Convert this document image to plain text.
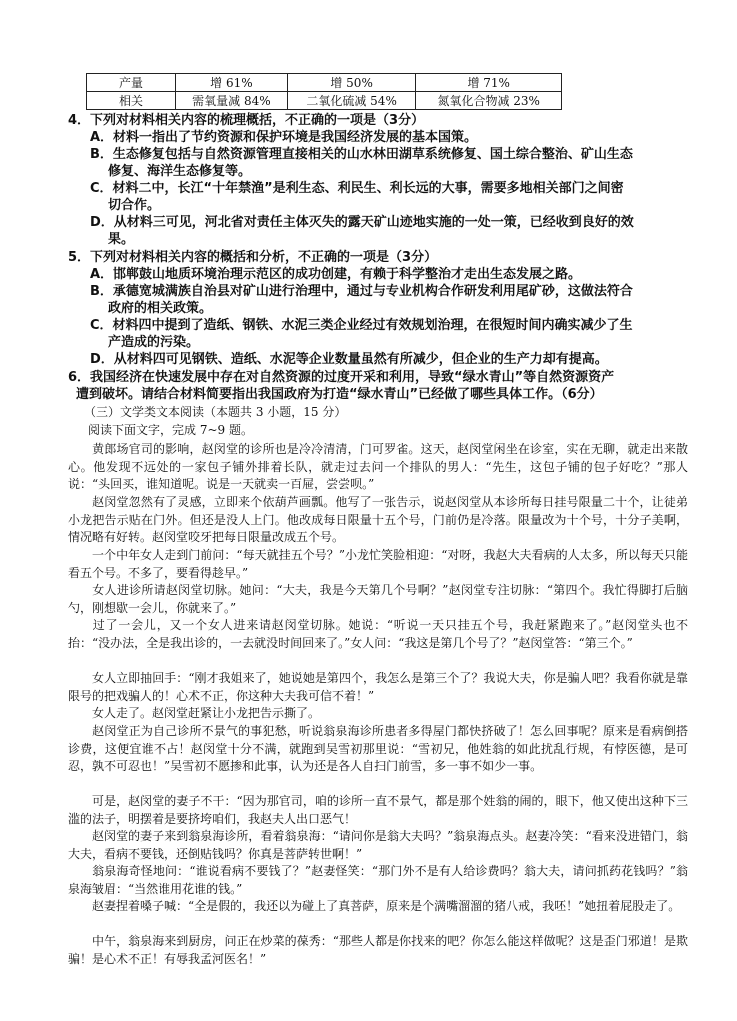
产量	增 61%	增 50%	增 71%
相关	需氧量减 84%	二氧化硫减 54%	氮氧化合物减 23%
4．下列对材料相关内容的梳理概括，不正确的一项是（3分）
A．材料一指出了节约资源和保护环境是我国经济发展的基本国策。
B．生态修复包括与自然资源管理直接相关的山水林田湖草系统修复、国土综合整治、矿山生态
修复、海洋生态修复等。
C．材料二中，长江“十年禁渔”是利生态、利民生、利长远的大事，需要多地相关部门之间密
切合作。
D．从材料三可见，河北省对责任主体灭失的露天矿山迹地实施的一处一策，已经收到良好的效
果。
5．下列对材料相关内容的概括和分析，不正确的一项是（3分）
A．邯郸鼓山地质环境治理示范区的成功创建，有赖于科学整治才走出生态发展之路。
B．承德宽城满族自治县对矿山进行治理中，通过与专业机构合作研发利用尾矿砂，这做法符合
政府的相关政策。
C．材料四中提到了造纸、钢铁、水泥三类企业经过有效规划治理，在很短时间内确实减少了生
产造成的污染。
D．从材料四可见钢铁、造纸、水泥等企业数量虽然有所减少，但企业的生产力却有提高。
6．我国经济在快速发展中存在对自然资源的过度开采和利用，导致“绿水青山”等自然资源资产
遭到破坏。请结合材料简要指出我国政府为打造“绿水青山”已经做了哪些具体工作。（6分）
（三）文学类文本阅读（本题共 3 小题，15 分）
阅读下面文字，完成 7~9 题。
黄郎场官司的影响，赵闵堂的诊所也是冷冷清清，门可罗雀。这天，赵闵堂闲坐在诊室，实在无聊，就走出来散心。他发现不远处的一家包子铺外排着长队，就走过去问一个排队的男人：“先生，这包子铺的包子好吃？”那人说：“头回买，谁知道呢。说是一天就卖一百屉，尝尝呗。”
赵闵堂忽然有了灵感，立即来个依葫芦画瓢。他写了一张告示，说赵闵堂从本诊所每日挂号限量二十个，让徒弟小龙把告示贴在门外。但还是没人上门。他改成每日限量十五个号，门前仍是冷落。限量改为十个号，十分子美啊，情况略有好转。赵闵堂咬牙把每日限量改成五个号。
一个中年女人走到门前问：“每天就挂五个号？”小龙忙笑脸相迎：“对呀，我赵大夫看病的人太多，所以每天只能看五个号。不多了，要看得趁早。”
女人进诊所请赵闵堂切脉。她问：“大夫，我是今天第几个号啊？”赵闵堂专注切脉：“第四个。我忙得脚打后脑勺，刚想歇一会儿，你就来了。”
过了一会儿，又一个女人进来请赵闵堂切脉。她说：“听说一天只挂五个号，我赶紧跑来了。”赵闵堂头也不抬：“没办法，全是我出诊的，一去就没时间回来了。”女人问：“我这是第几个号了？”赵闵堂答：“第三个。”
女人立即抽回手：“刚才我姐来了，她说她是第四个，我怎么是第三个了？我说大夫，你是骗人吧？我看你就是靠限号的把戏骗人的！心术不正，你这种大夫我可信不着！”
女人走了。赵闵堂赶紧让小龙把告示撕了。
赵闵堂正为自己诊所不景气的事犯愁，听说翁泉海诊所患者多得屋门都快挤破了！怎么回事呢？原来是看病倒搭诊费，这便宜谁不占！赵闵堂十分不满，就跑到吴雪初那里说：“雪初兄，他姓翁的如此扰乱行规，有悖医德，是可忍，孰不可忍也！”吴雪初不愿掺和此事，认为还是各人自扫门前雪，多一事不如少一事。
可是，赵闵堂的妻子不干：“因为那官司，咱的诊所一直不景气，都是那个姓翁的闹的，眼下，他又使出这种下三滥的法子，明摆着是要挤垮咱们，我赵夫人出口恶气！
赵闵堂的妻子来到翁泉海诊所，看着翁泉海：“请问你是翁大夫吗？”翁泉海点头。赵妻冷笑：“看来没进错门，翁大夫，看病不要钱，还倒贴钱吗？你真是菩萨转世啊！”
翁泉海奇怪地问：“谁说看病不要钱了？”赵妻怪笑：“那门外不是有人给诊费吗？翁大夫，请问抓药花钱吗？”翁泉海皱眉：“当然谁用花谁的钱。”
赵妻捏着嗓子喊：“全是假的，我还以为碰上了真菩萨，原来是个满嘴溜溜的猪八戒，我呸！”她扭着屁股走了。
中午，翁泉海来到厨房，问正在炒菜的葆秀：“那些人都是你找来的吧？你怎么能这样做呢？这是歪门邪道！是欺骗！是心术不正！有辱我孟河医名！”
